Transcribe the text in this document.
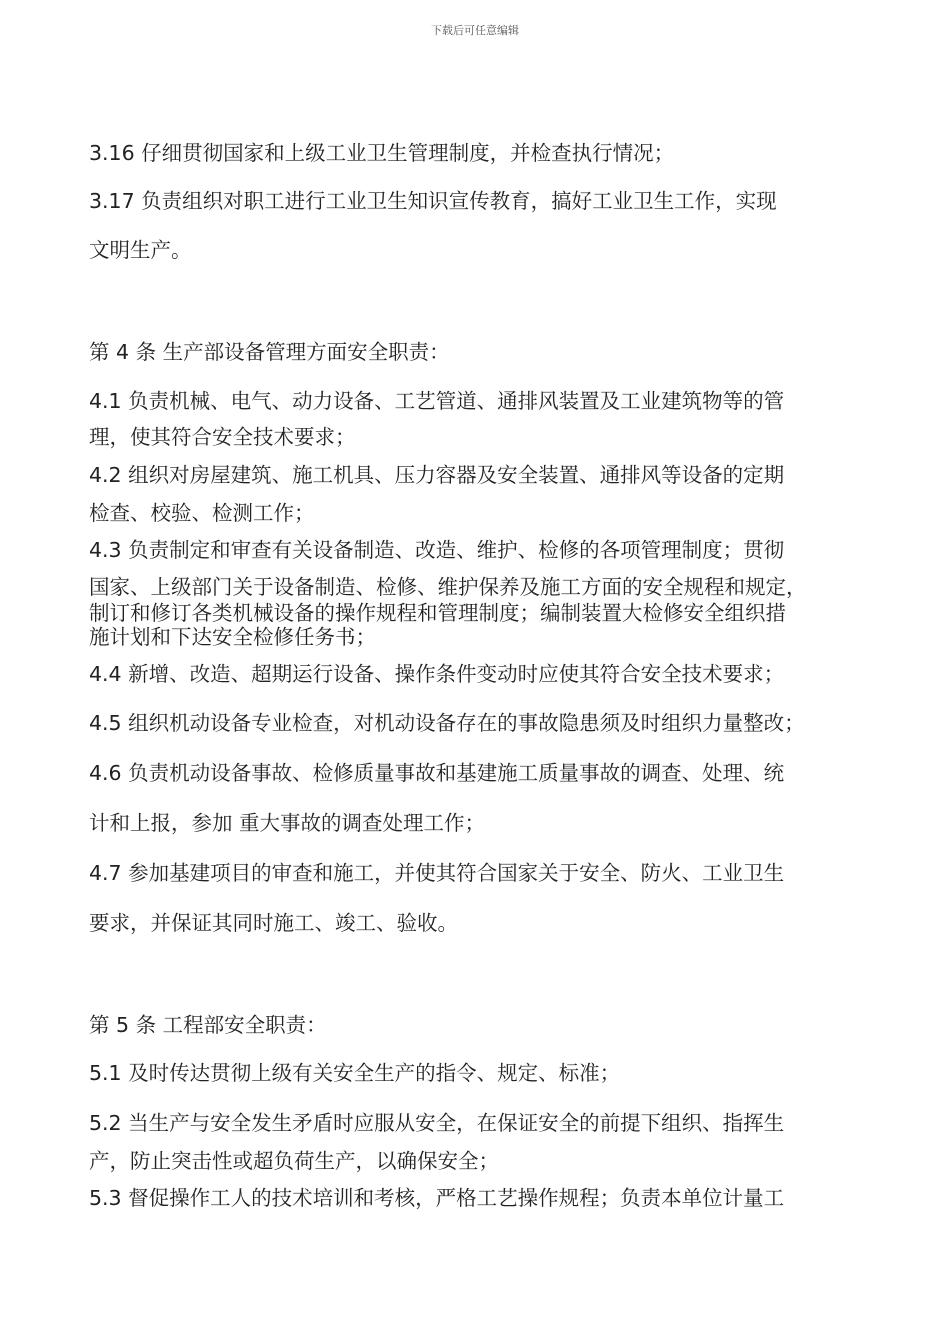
下载后可任意编辑
3.16 仔细贯彻国家和上级工业卫生管理制度，并检查执行情况；
3.17 负责组织对职工进行工业卫生知识宣传教育，搞好工业卫生工作，实现
文明生产。
第 4 条 生产部设备管理方面安全职责：
4.1 负责机械、电气、动力设备、工艺管道、通排风装置及工业建筑物等的管
理，使其符合安全技术要求；
4.2 组织对房屋建筑、施工机具、压力容器及安全装置、通排风等设备的定期
检查、校验、检测工作；
4.3 负责制定和审查有关设备制造、改造、维护、检修的各项管理制度；贯彻
国家、上级部门关于设备制造、检修、维护保养及施工方面的安全规程和规定，
制订和修订各类机械设备的操作规程和管理制度；编制装置大检修安全组织措
施计划和下达安全检修任务书；
4.4 新增、改造、超期运行设备、操作条件变动时应使其符合安全技术要求；
4.5 组织机动设备专业检查，对机动设备存在的事故隐患须及时组织力量整改；
4.6 负责机动设备事故、检修质量事故和基建施工质量事故的调查、处理、统
计和上报，参加 重大事故的调查处理工作；
4.7 参加基建项目的审查和施工，并使其符合国家关于安全、防火、工业卫生
要求，并保证其同时施工、竣工、验收。
第 5 条 工程部安全职责：
5.1 及时传达贯彻上级有关安全生产的指令、规定、标准；
5.2 当生产与安全发生矛盾时应服从安全，在保证安全的前提下组织、指挥生
产，防止突击性或超负荷生产，以确保安全；
5.3 督促操作工人的技术培训和考核，严格工艺操作规程；负责本单位计量工
